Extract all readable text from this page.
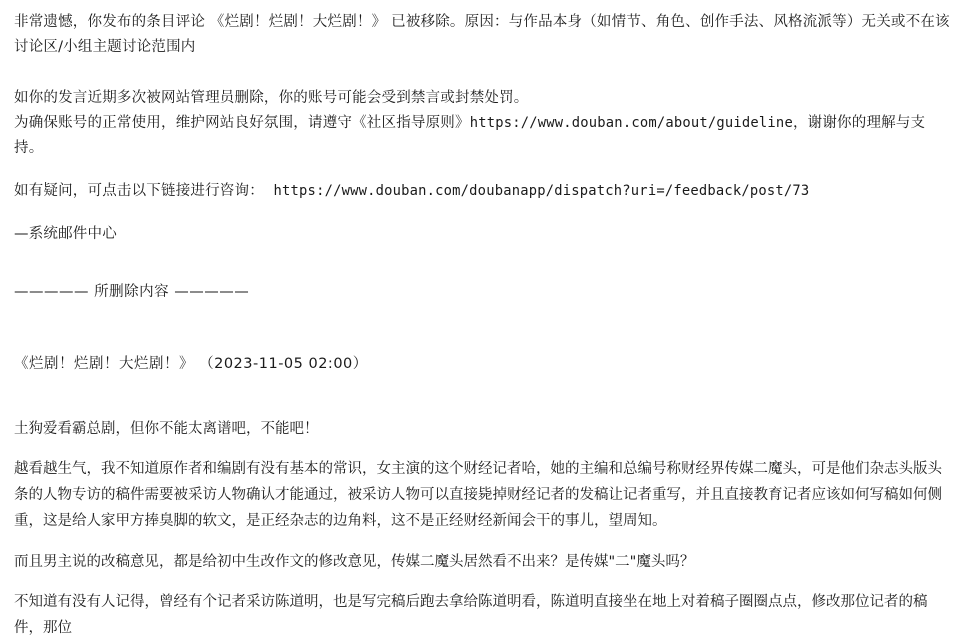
非常遗憾，你发布的条目评论 《烂剧！烂剧！大烂剧！》 已被移除。原因：与作品本身（如情节、角色、创作手法、风格流派等）无关或不在该讨论区/小组主题讨论范围内

如你的发言近期多次被网站管理员删除，你的账号可能会受到禁言或封禁处罚。

为确保账号的正常使用，维护网站良好氛围，请遵守《社区指导原则》https://www.douban.com/about/guideline，谢谢你的理解与支持。

如有疑问，可点击以下链接进行咨询： https://www.douban.com/doubanapp/dispatch?uri=/feedback/post/73

—系统邮件中心

————— 所删除内容 —————

《烂剧！烂剧！大烂剧！》 （2023-11-05 02:00）

土狗爱看霸总剧，但你不能太离谱吧，不能吧！

越看越生气，我不知道原作者和编剧有没有基本的常识，女主演的这个财经记者哈，她的主编和总编号称财经界传媒二魔头，可是他们杂志头版头条的人物专访的稿件需要被采访人物确认才能通过，被采访人物可以直接毙掉财经记者的发稿让记者重写，并且直接教育记者应该如何写稿如何侧重，这是给人家甲方捧臭脚的软文，是正经杂志的边角料，这不是正经财经新闻会干的事儿，望周知。

而且男主说的改稿意见，都是给初中生改作文的修改意见，传媒二魔头居然看不出来？是传媒"二"魔头吗？

不知道有没有人记得，曾经有个记者采访陈道明，也是写完稿后跑去拿给陈道明看，陈道明直接坐在地上对着稿子圈圈点点，修改那位记者的稿件，那位
